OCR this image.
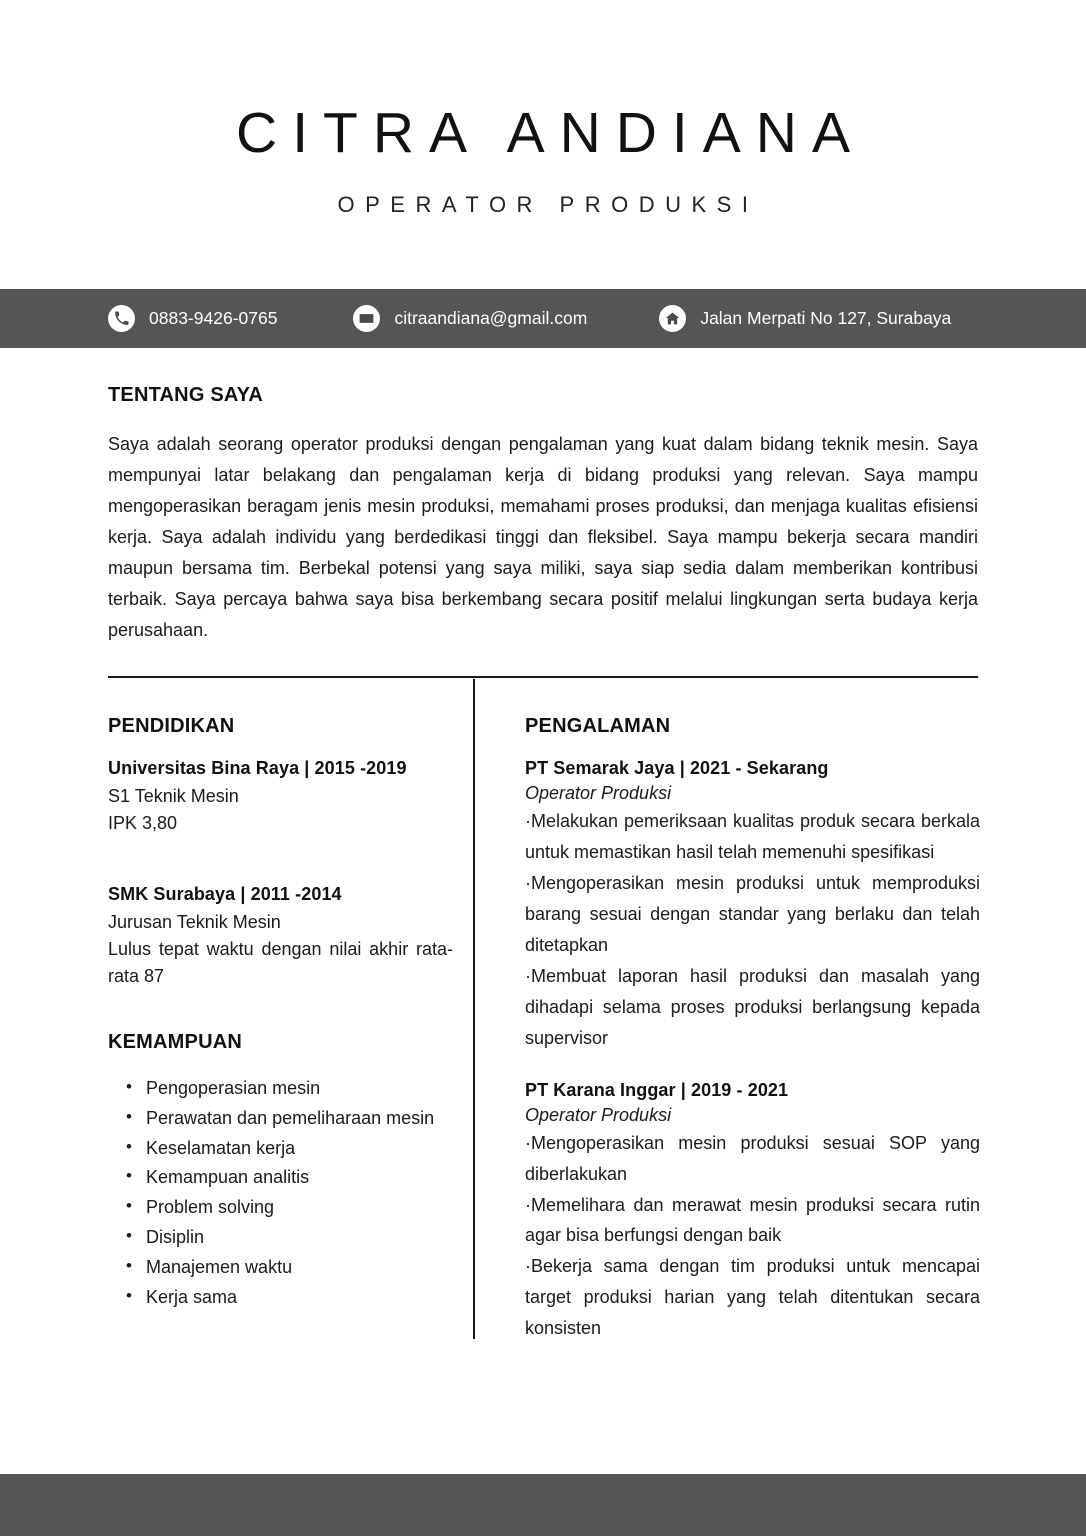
CITRA ANDIANA
OPERATOR PRODUKSI
0883-9426-0765	citraandiana@gmail.com	Jalan Merpati No 127, Surabaya
TENTANG SAYA

Saya adalah seorang operator produksi dengan pengalaman yang kuat dalam bidang teknik mesin. Saya mempunyai latar belakang dan pengalaman kerja di bidang produksi yang relevan. Saya mampu mengoperasikan beragam jenis mesin produksi, memahami proses produksi, dan menjaga kualitas efisiensi kerja. Saya adalah individu yang berdedikasi tinggi dan fleksibel. Saya mampu bekerja secara mandiri maupun bersama tim. Berbekal potensi yang saya miliki, saya siap sedia dalam memberikan kontribusi terbaik. Saya percaya bahwa saya bisa berkembang secara positif melalui lingkungan serta budaya kerja perusahaan.

PENDIDIKAN

Universitas Bina Raya | 2015 -2019

S1 Teknik Mesin

IPK 3,80

SMK Surabaya | 2011 -2014

Jurusan Teknik Mesin

Lulus tepat waktu dengan nilai akhir rata-rata 87

KEMAMPUAN
• Pengoperasian mesin
• Perawatan dan pemeliharaan mesin
• Keselamatan kerja
• Kemampuan analitis
• Problem solving
• Disiplin
• Manajemen waktu
• Kerja sama
PENGALAMAN

PT Semarak Jaya | 2021 - Sekarang

Operator Produksi

·Melakukan pemeriksaan kualitas produk secara berkala untuk memastikan hasil telah memenuhi spesifikasi

·Mengoperasikan mesin produksi untuk memproduksi barang sesuai dengan standar yang berlaku dan telah ditetapkan

·Membuat laporan hasil produksi dan masalah yang dihadapi selama proses produksi berlangsung kepada supervisor

PT Karana Inggar | 2019 - 2021

Operator Produksi

·Mengoperasikan mesin produksi sesuai SOP yang diberlakukan

·Memelihara dan merawat mesin produksi secara rutin agar bisa berfungsi dengan baik

·Bekerja sama dengan tim produksi untuk mencapai target produksi harian yang telah ditentukan secara konsisten
